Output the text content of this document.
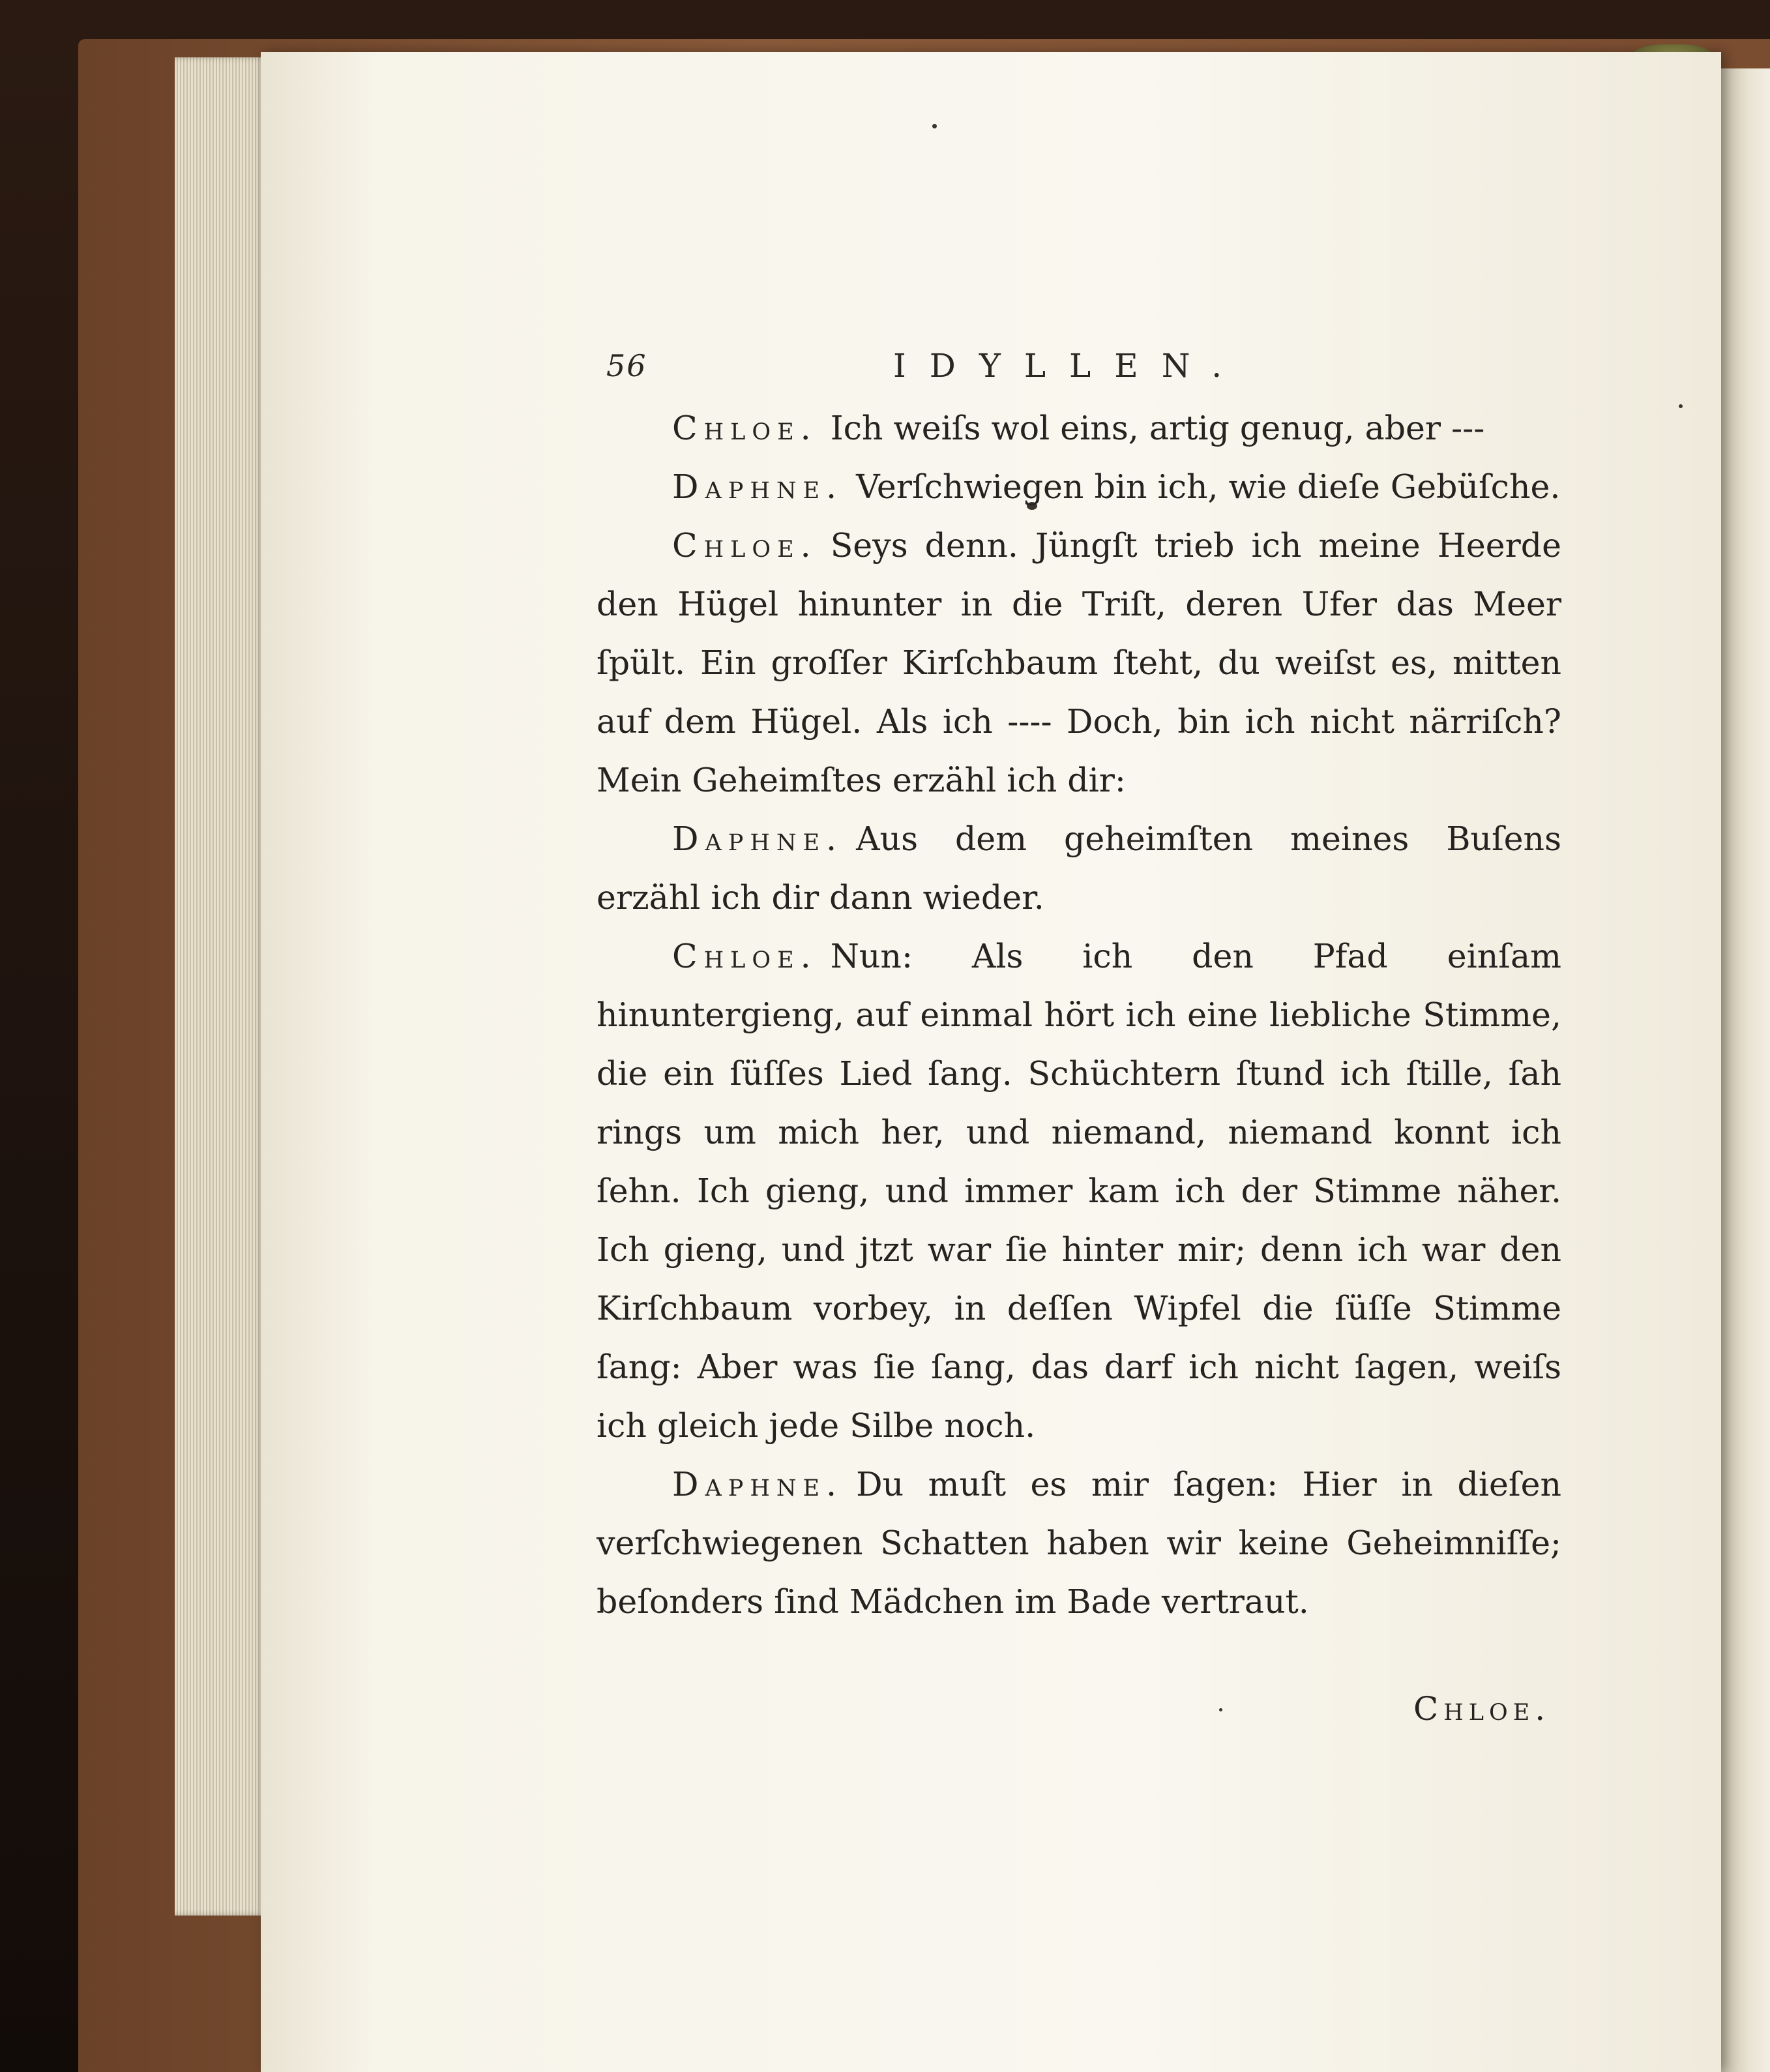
56	IDYLLEN.

Chloe. Ich weiſs wol eins, artig genug, aber ---

Daphne. Verſchwiegen bin ich, wie dieſe Gebüſche.

Chloe. Seys denn. Jüngſt trieb ich meine Heerde den Hügel hinunter in die Triſt, deren Ufer das Meer ſpült. Ein groſſer Kirſchbaum ſteht, du weiſst es, mitten auf dem Hügel. Als ich ---- Doch, bin ich nicht närriſch? Mein Geheimſtes erzähl ich dir:

Daphne. Aus dem geheimſten meines Buſens erzähl ich dir dann wieder.

Chloe. Nun: Als ich den Pfad einſam hinuntergieng, auf einmal hört ich eine liebliche Stimme, die ein ſüſſes Lied ſang. Schüchtern ſtund ich ſtille, ſah rings um mich her, und niemand, niemand konnt ich ſehn. Ich gieng, und immer kam ich der Stimme näher. Ich gieng, und jtzt war ſie hinter mir; denn ich war den Kirſchbaum vorbey, in deſſen Wipfel die ſüſſe Stimme ſang: Aber was ſie ſang, das darf ich nicht ſagen, weiſs ich gleich jede Silbe noch.

Daphne. Du muſt es mir ſagen: Hier in dieſen verſchwiegenen Schatten haben wir keine Geheimniſſe; beſonders ſind Mädchen im Bade vertraut.

Chloe.
